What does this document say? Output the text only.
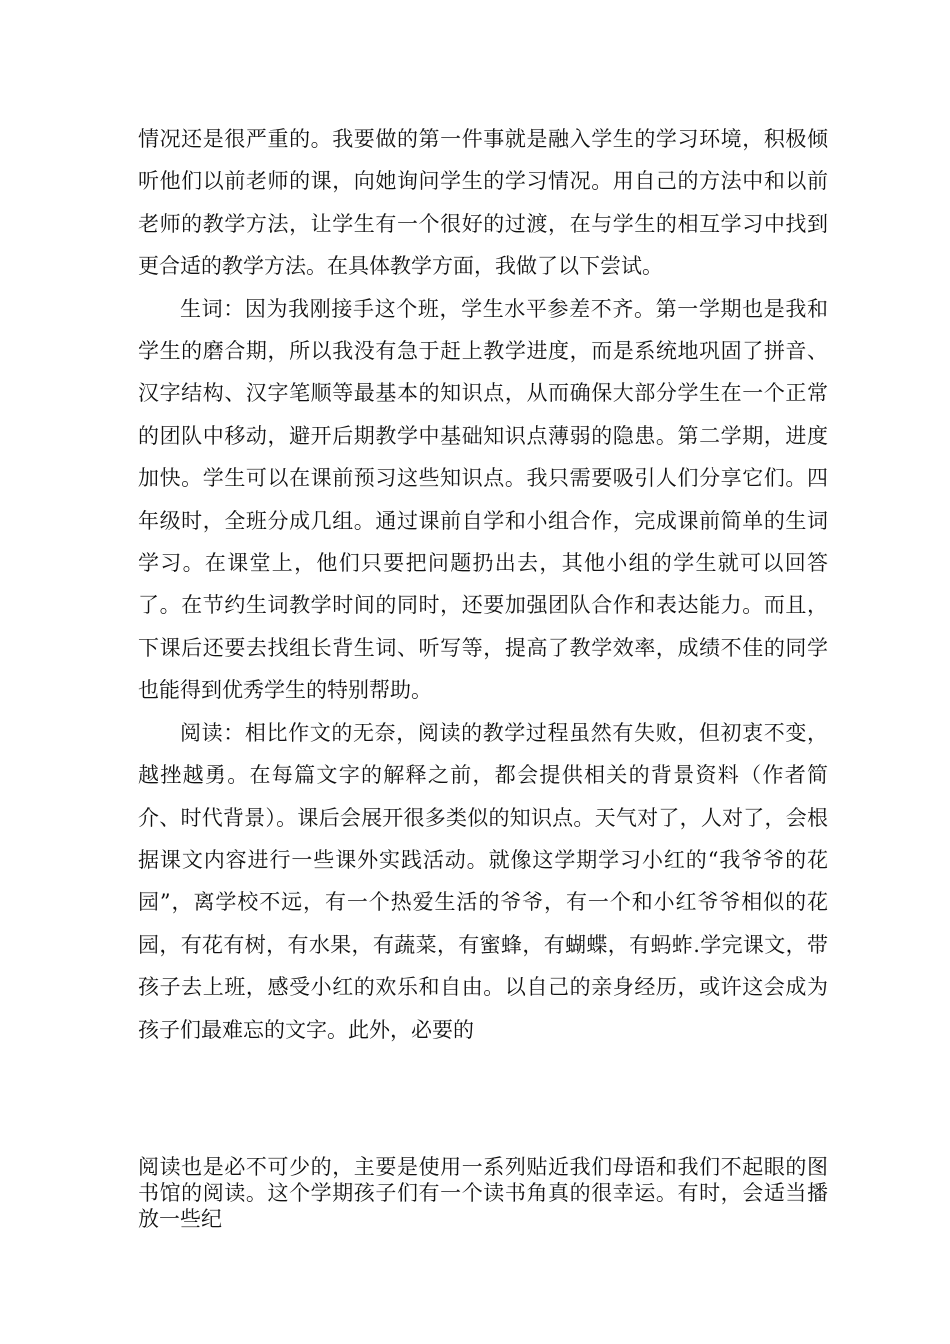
情况还是很严重的。我要做的第一件事就是融入学生的学习环境，积极倾听他们以前老师的课，向她询问学生的学习情况。用自己的方法中和以前老师的教学方法，让学生有一个很好的过渡，在与学生的相互学习中找到更合适的教学方法。在具体教学方面，我做了以下尝试。

生词：因为我刚接手这个班，学生水平参差不齐。第一学期也是我和学生的磨合期，所以我没有急于赶上教学进度，而是系统地巩固了拼音、汉字结构、汉字笔顺等最基本的知识点，从而确保大部分学生在一个正常的团队中移动，避开后期教学中基础知识点薄弱的隐患。第二学期，进度加快。学生可以在课前预习这些知识点。我只需要吸引人们分享它们。四年级时，全班分成几组。通过课前自学和小组合作，完成课前简单的生词学习。在课堂上，他们只要把问题扔出去，其他小组的学生就可以回答了。在节约生词教学时间的同时，还要加强团队合作和表达能力。而且，下课后还要去找组长背生词、听写等，提高了教学效率，成绩不佳的同学也能得到优秀学生的特别帮助。

阅读：相比作文的无奈，阅读的教学过程虽然有失败，但初衷不变，越挫越勇。在每篇文字的解释之前，都会提供相关的背景资料（作者简介、时代背景）。课后会展开很多类似的知识点。天气对了，人对了，会根据课文内容进行一些课外实践活动。就像这学期学习小红的“我爷爷的花园”，离学校不远，有一个热爱生活的爷爷，有一个和小红爷爷相似的花园，有花有树，有水果，有蔬菜，有蜜蜂，有蝴蝶，有蚂蚱.学完课文，带孩子去上班，感受小红的欢乐和自由。以自己的亲身经历，或许这会成为孩子们最难忘的文字。此外，必要的

阅读也是必不可少的，主要是使用一系列贴近我们母语和我们不起眼的图书馆的阅读。这个学期孩子们有一个读书角真的很幸运。有时，会适当播放一些纪
